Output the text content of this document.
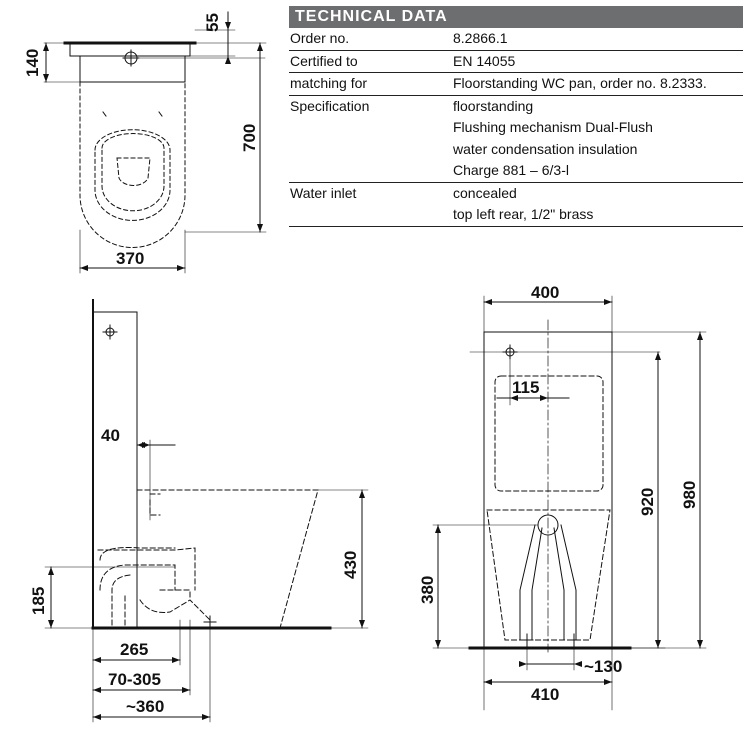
55
140
700
370
40
430
185
265
70-305
~360
400
115
920 980
380
410
~130
TECHNICAL DATA
Order no.	8.2866.1
Certified to	EN 14055
matching for	Floorstanding WC pan, order no. 8.2333.
Specification	floorstanding
Flushing mechanism Dual-Flush
water condensation insulation
Charge 881 – 6/3-l
Water inlet	concealed
top left rear, 1/2" brass
